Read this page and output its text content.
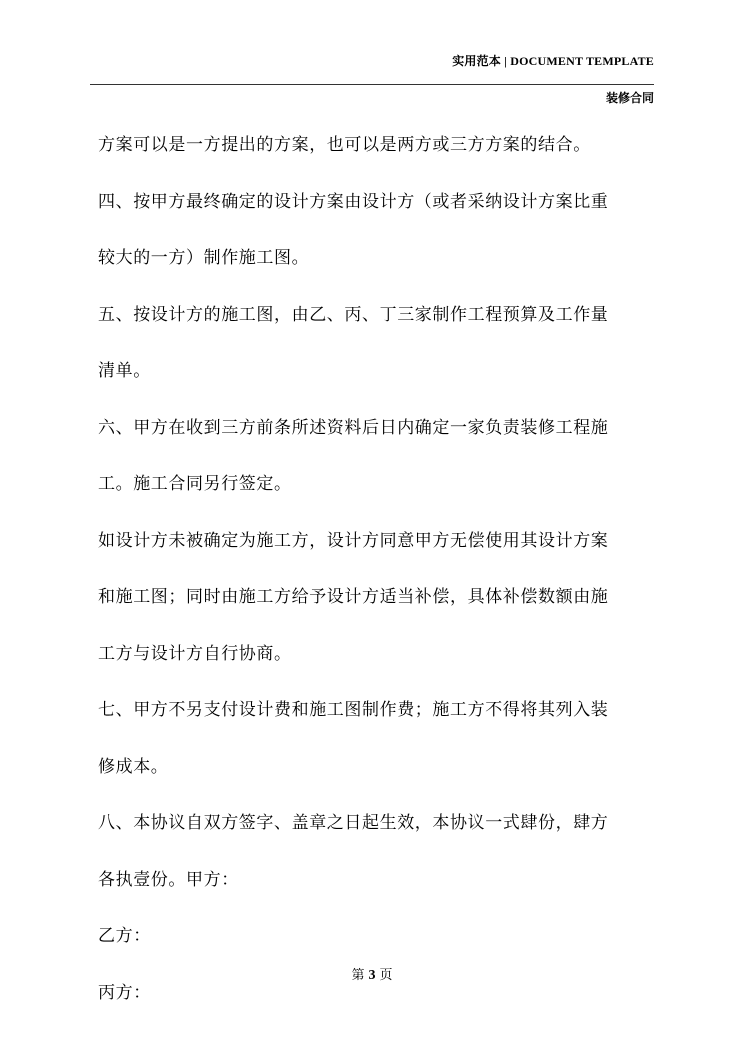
实用范本 | DOCUMENT TEMPLATE
装修合同
方案可以是一方提出的方案，也可以是两方或三方方案的结合。
四、按甲方最终确定的设计方案由设计方（或者采纳设计方案比重
较大的一方）制作施工图。
五、按设计方的施工图，由乙、丙、丁三家制作工程预算及工作量
清单。
六、甲方在收到三方前条所述资料后日内确定一家负责装修工程施
工。施工合同另行签定。
如设计方未被确定为施工方，设计方同意甲方无偿使用其设计方案
和施工图；同时由施工方给予设计方适当补偿，具体补偿数额由施
工方与设计方自行协商。
七、甲方不另支付设计费和施工图制作费；施工方不得将其列入装
修成本。
八、本协议自双方签字、盖章之日起生效，本协议一式肆份，肆方
各执壹份。甲方：
乙方：
丙方：
第 3 页
